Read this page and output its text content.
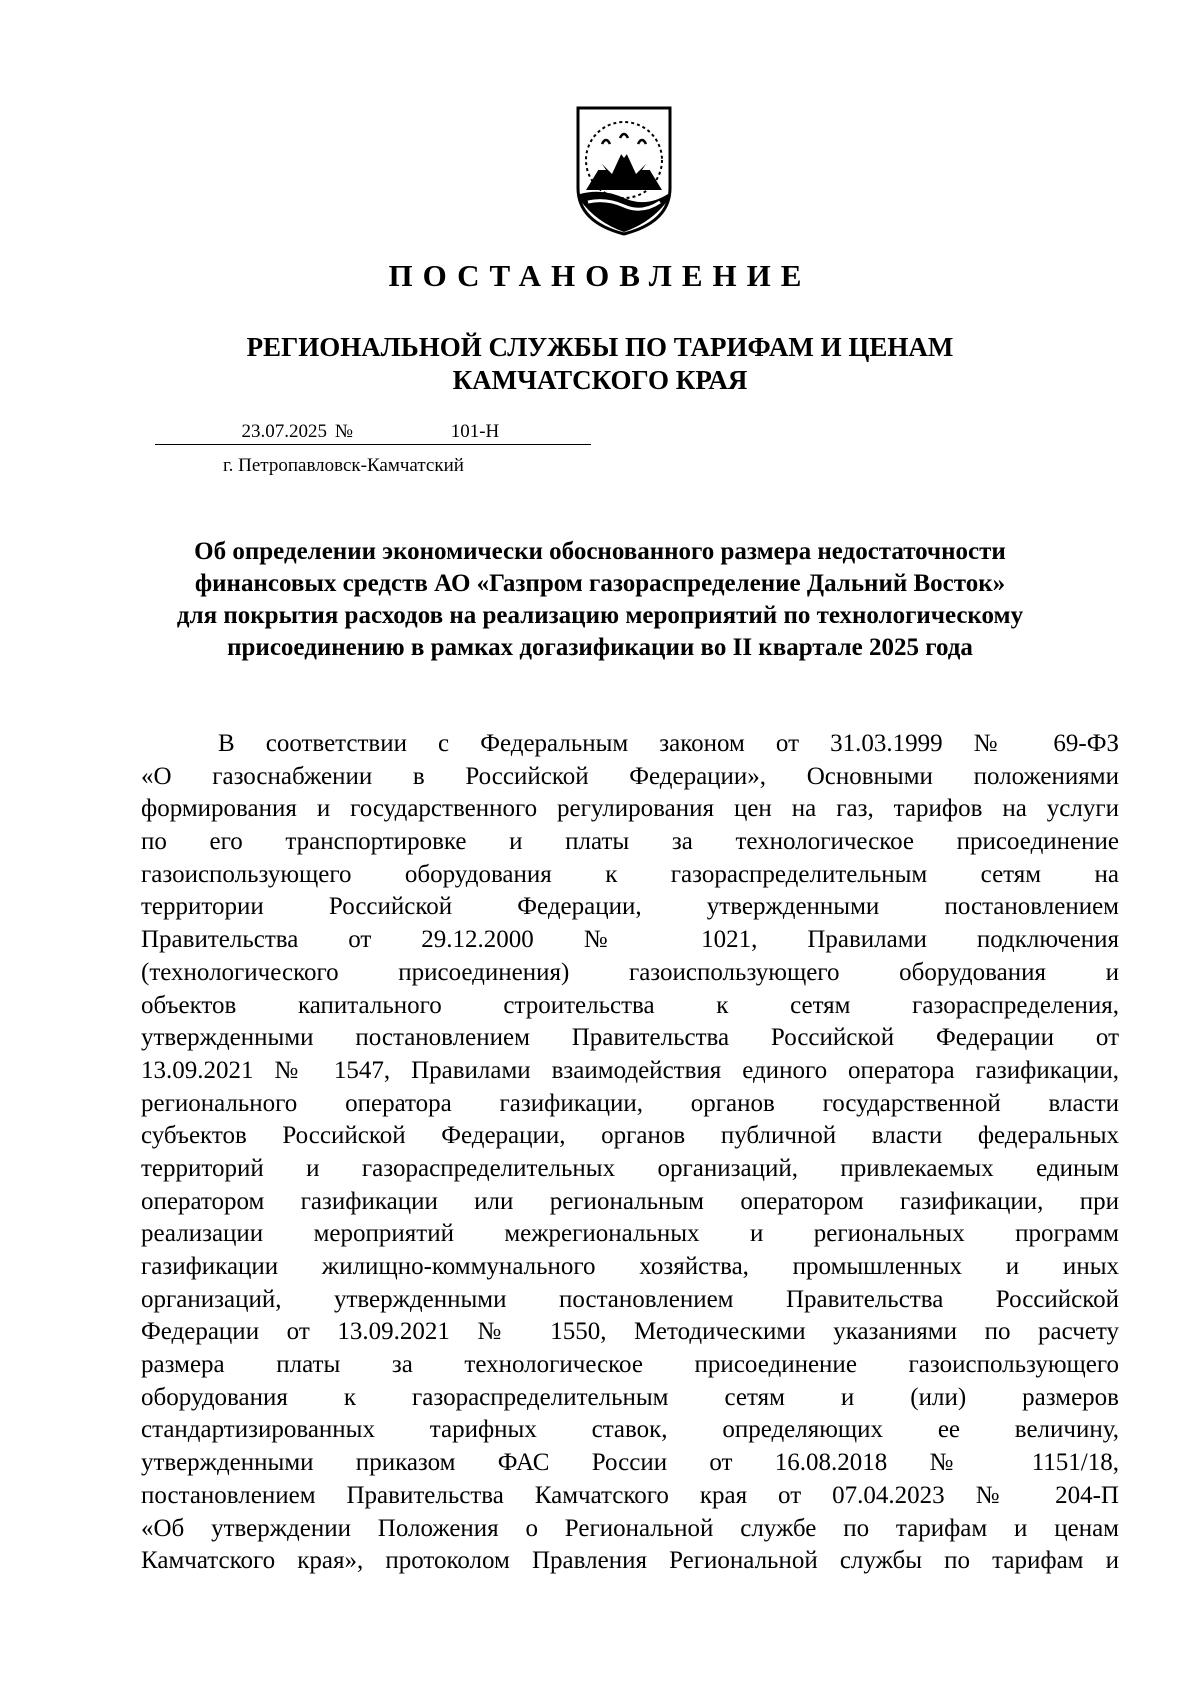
ПОСТАНОВЛЕНИЕ
РЕГИОНАЛЬНОЙ СЛУЖБЫ ПО ТАРИФАМ И ЦЕНАМ
КАМЧАТСКОГО КРАЯ
23.07.2025 №	101-Н
г. Петропавловск-Камчатский
Об определении экономически обоснованного размера недостаточности
финансовых средств АО «Газпром газораспределение Дальний Восток»
для покрытия расходов на реализацию мероприятий по технологическому
присоединению в рамках догазификации во II квартале 2025 года
В соответствии с Федеральным законом от 31.03.1999 № 69-ФЗ
«О газоснабжении в Российской Федерации», Основными положениями
формирования и государственного регулирования цен на газ, тарифов на услуги
по его транспортировке и платы за технологическое присоединение
газоиспользующего оборудования к газораспределительным сетям на
территории Российской Федерации, утвержденными постановлением
Правительства от 29.12.2000 № 1021, Правилами подключения
(технологического присоединения) газоиспользующего оборудования и
объектов капитального строительства к сетям газораспределения,
утвержденными постановлением Правительства Российской Федерации от
13.09.2021 № 1547, Правилами взаимодействия единого оператора газификации,
регионального оператора газификации, органов государственной власти
субъектов Российской Федерации, органов публичной власти федеральных
территорий и газораспределительных организаций, привлекаемых единым
оператором газификации или региональным оператором газификации, при
реализации мероприятий межрегиональных и региональных программ
газификации жилищно-коммунального хозяйства, промышленных и иных
организаций, утвержденными постановлением Правительства Российской
Федерации от 13.09.2021 № 1550, Методическими указаниями по расчету
размера платы за технологическое присоединение газоиспользующего
оборудования к газораспределительным сетям и (или) размеров
стандартизированных тарифных ставок, определяющих ее величину,
утвержденными приказом ФАС России от 16.08.2018 № 1151/18,
постановлением Правительства Камчатского края от 07.04.2023 № 204-П
«Об утверждении Положения о Региональной службе по тарифам и ценам
Камчатского края», протоколом Правления Региональной службы по тарифам и
